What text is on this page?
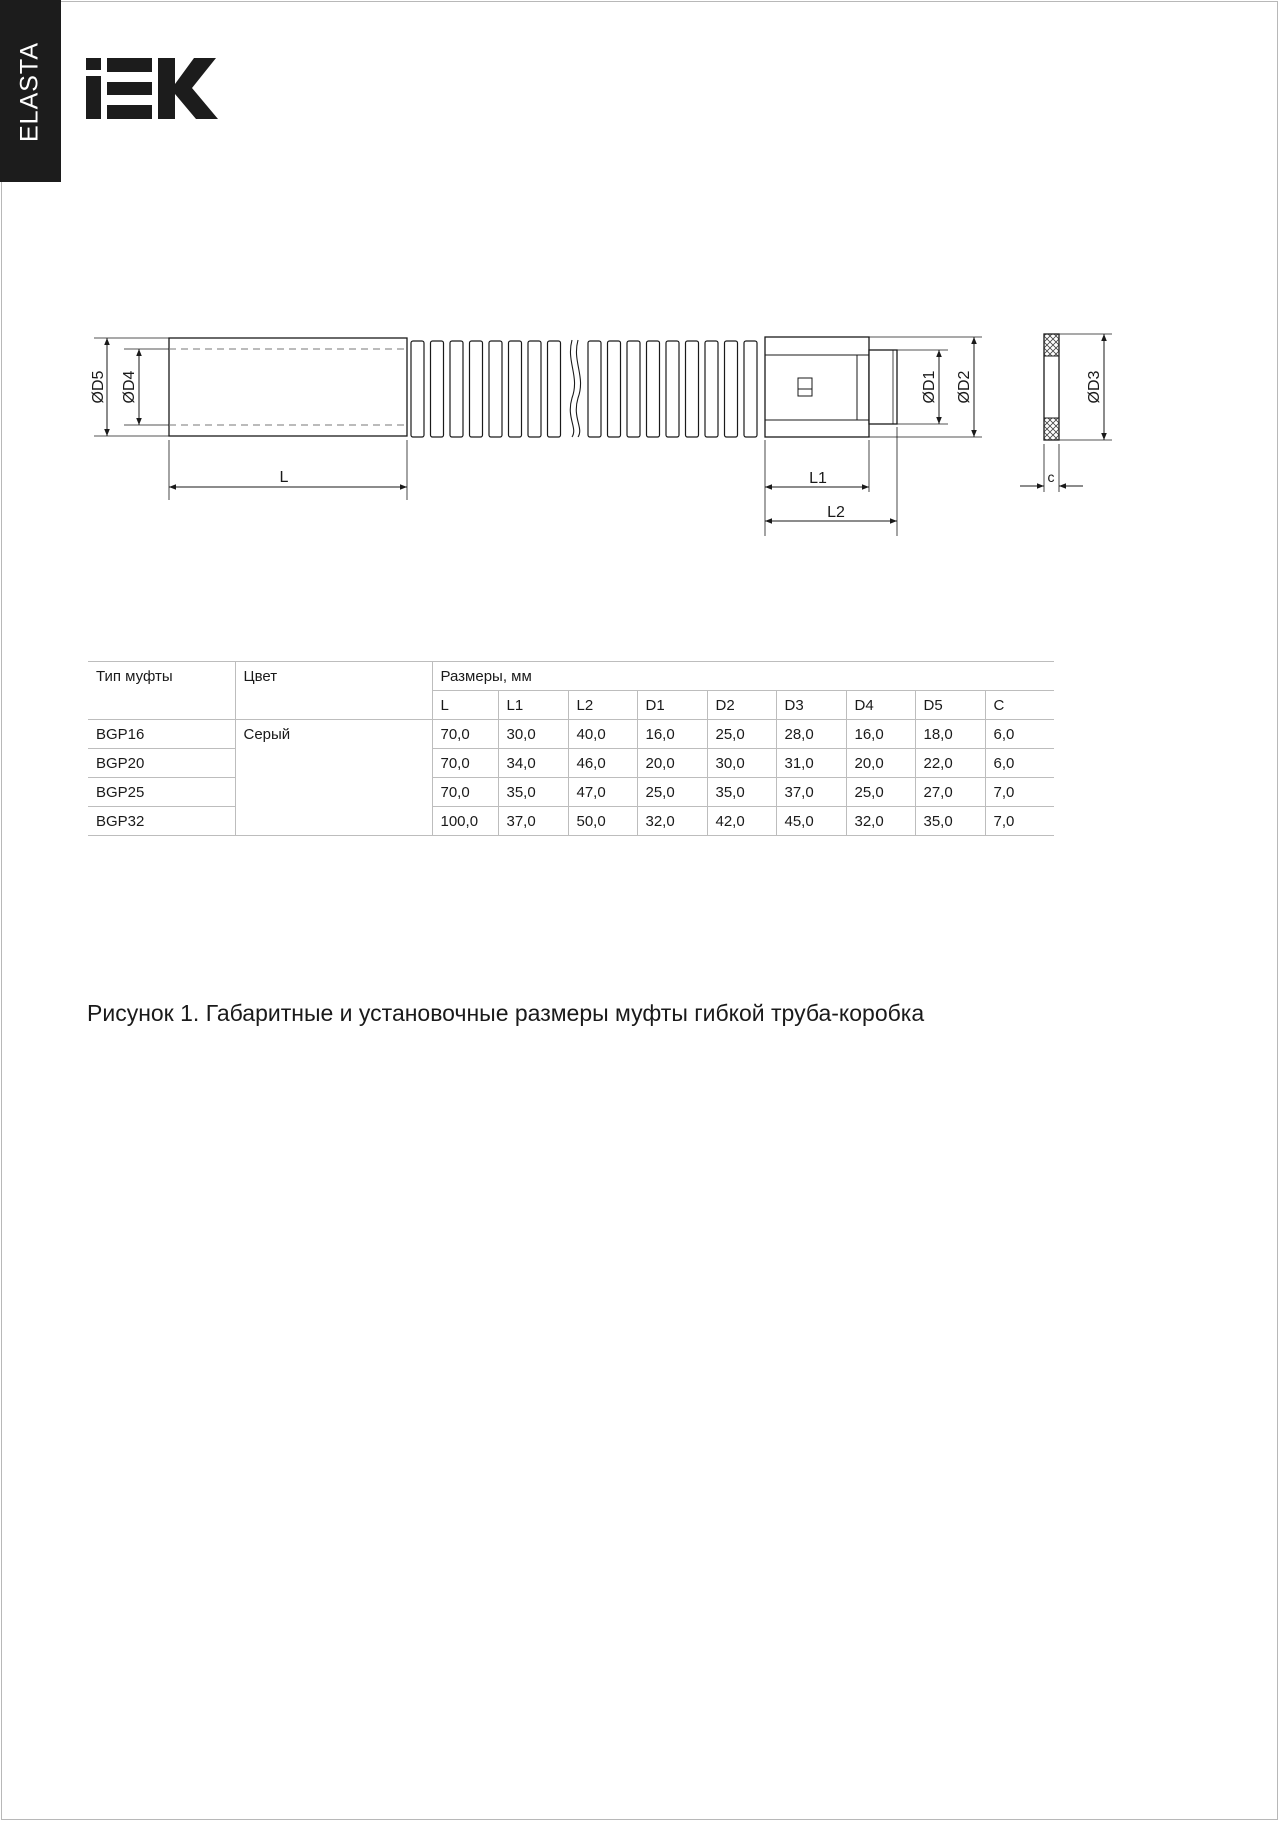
ELASTA
ØD5 ØD4
L
ØD1 ØD2	ØD3
L1
L2
c
Тип муфты	Цвет	Размеры, мм								
		L	L1	L2	D1	D2	D3	D4	D5	C
BGP16	Серый	70,0	30,0	40,0	16,0	25,0	28,0	16,0	18,0	6,0
BGP20		70,0	34,0	46,0	20,0	30,0	31,0	20,0	22,0	6,0
BGP25		70,0	35,0	47,0	25,0	35,0	37,0	25,0	27,0	7,0
BGP32		100,0	37,0	50,0	32,0	42,0	45,0	32,0	35,0	7,0
Рисунок 1. Габаритные и установочные размеры муфты гибкой труба-коробка
